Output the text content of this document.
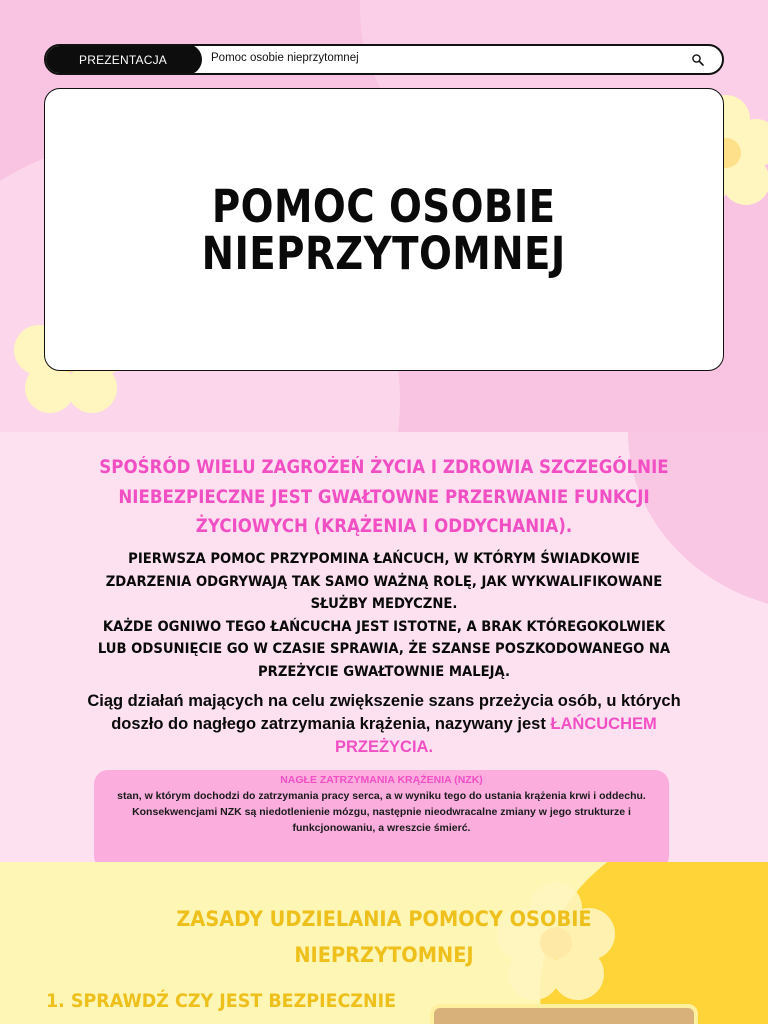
PREZENTACJA	Pomoc osobie nieprzytomnej
POMOC OSOBIE
NIEPRZYTOMNEJ

SPOŚRÓD WIELU ZAGROŻEŃ ŻYCIA I ZDROWIA SZCZEGÓLNIE NIEBEZPIECZNE JEST GWAŁTOWNE PRZERWANIE FUNKCJI ŻYCIOWYCH (KRĄŻENIA I ODDYCHANIA).

PIERWSZA POMOC PRZYPOMINA ŁAŃCUCH, W KTÓRYM ŚWIADKOWIE ZDARZENIA ODGRYWAJĄ TAK SAMO WAŻNĄ ROLĘ, JAK WYKWALIFIKOWANE SŁUŻBY MEDYCZNE.
KAŻDE OGNIWO TEGO ŁAŃCUCHA JEST ISTOTNE, A BRAK KTÓREGOKOLWIEK LUB ODSUNIĘCIE GO W CZASIE SPRAWIA, ŻE SZANSE POSZKODOWANEGO NA PRZEŻYCIE GWAŁTOWNIE MALEJĄ.

Ciąg działań mających na celu zwiększenie szans przeżycia osób, u których doszło do nagłego zatrzymania krążenia, nazywany jest ŁAŃCUCHEM PRZEŻYCIA.

NAGŁE ZATRZYMANIA KRĄŻENIA (NZK)

stan, w którym dochodzi do zatrzymania pracy serca, a w wyniku tego do ustania krążenia krwi i oddechu. Konsekwencjami NZK są niedotlenienie mózgu, następnie nieodwracalne zmiany w jego strukturze i funkcjonowaniu, a wreszcie śmierć.

ZASADY UDZIELANIA POMOCY OSOBIE NIEPRZYTOMNEJ

1. SPRAWDŹ CZY JEST BEZPIECZNIE
